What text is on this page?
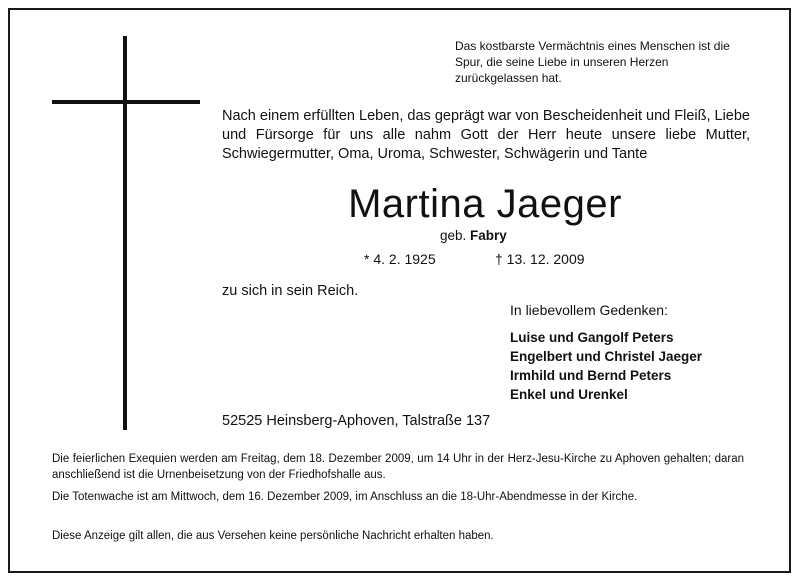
Das kostbarste Vermächtnis eines Menschen ist die Spur, die seine Liebe in unseren Herzen zurückgelassen hat.
Nach einem erfüllten Leben, das geprägt war von Bescheidenheit und Fleiß, Liebe und Fürsorge für uns alle nahm Gott der Herr heute unsere liebe Mutter, Schwiegermutter, Oma, Uroma, Schwester, Schwägerin und Tante
Martina Jaeger
geb. Fabry
* 4. 2. 1925	† 13. 12. 2009
zu sich in sein Reich.
In liebevollem Gedenken:
Luise und Gangolf Peters
Engelbert und Christel Jaeger
Irmhild und Bernd Peters
Enkel und Urenkel
52525 Heinsberg-Aphoven, Talstraße 137

Die feierlichen Exequien werden am Freitag, dem 18. Dezember 2009, um 14 Uhr in der Herz-Jesu-Kirche zu Aphoven gehalten; daran anschließend ist die Urnenbeisetzung von der Friedhofshalle aus.

Die Totenwache ist am Mittwoch, dem 16. Dezember 2009, im Anschluss an die 18-Uhr-Abendmesse in der Kirche.

Diese Anzeige gilt allen, die aus Versehen keine persönliche Nachricht erhalten haben.
